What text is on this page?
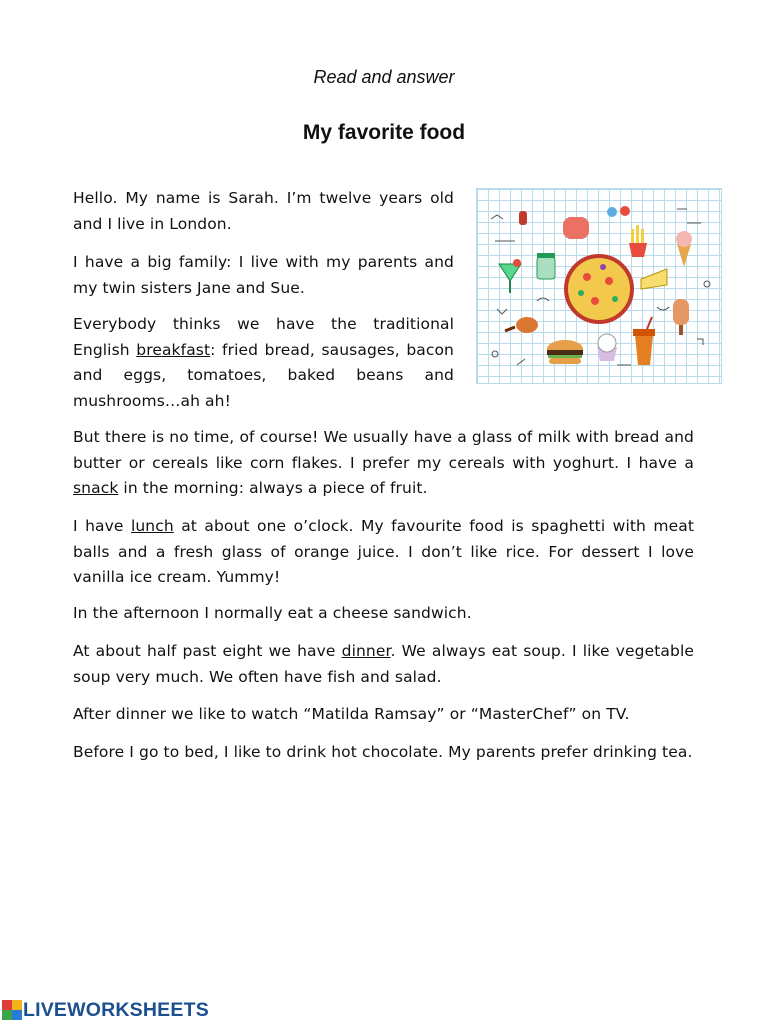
Read and answer
My favorite food

Hello. My name is Sarah. I’m twelve years old and I live in London.

I have a big family: I live with my parents and my twin sisters Jane and Sue.

Everybody thinks we have the traditional English breakfast: fried bread, sausages, bacon and eggs, tomatoes, baked beans and mushrooms…ah ah!

But there is no time, of course! We usually have a glass of milk with bread and butter or cereals like corn flakes. I prefer my cereals with yoghurt. I have a snack in the morning: always a piece of fruit.

I have lunch at about one o’clock. My favourite food is spaghetti with meat balls and a fresh glass of orange juice. I don’t like rice. For dessert I love vanilla ice cream. Yummy!

In the afternoon I normally eat a cheese sandwich.

At about half past eight we have dinner. We always eat soup. I like vegetable soup very much. We often have fish and salad.

After dinner we like to watch “Matilda Ramsay” or “MasterChef” on TV.

Before I go to bed, I like to drink hot chocolate. My parents prefer drinking tea.

LIVEWORKSHEETS
